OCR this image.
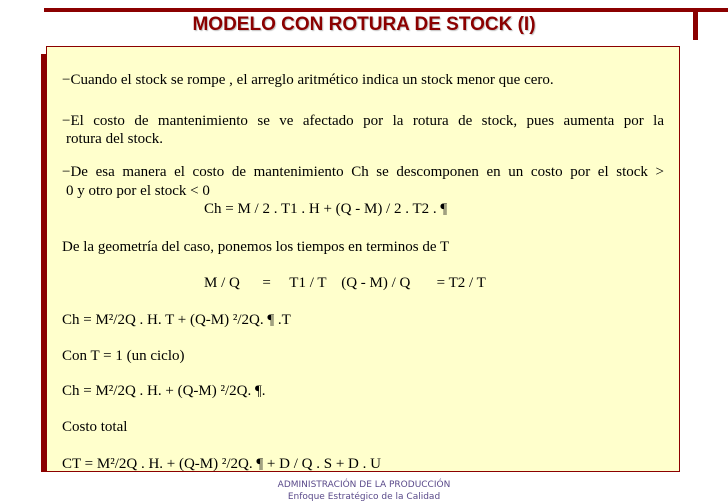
MODELO CON ROTURA DE STOCK (I)
−Cuando el stock se rompe , el arreglo aritmético indica un stock menor que cero.
−El costo de mantenimiento se ve afectado por la rotura de stock, pues aumenta por la
rotura del stock.
−De esa manera el costo de mantenimiento Ch se descomponen en un costo por el stock >
0 y otro por el stock < 0
Ch = M / 2 . T1 . H + (Q - M) / 2 . T2 . ¶
De la geometría del caso, ponemos los tiempos en terminos de T
M / Q      =     T1 / T    (Q - M) / Q       = T2 / T
Ch = M²/2Q . H. T + (Q-M) ²/2Q. ¶ .T
Con T = 1 (un ciclo)
Ch = M²/2Q . H. + (Q-M) ²/2Q. ¶.
Costo total
CT = M²/2Q . H. + (Q-M) ²/2Q. ¶ + D / Q . S + D . U
ADMINISTRACIÓN DE LA PRODUCCIÓN
Enfoque Estratégico de la Calidad
